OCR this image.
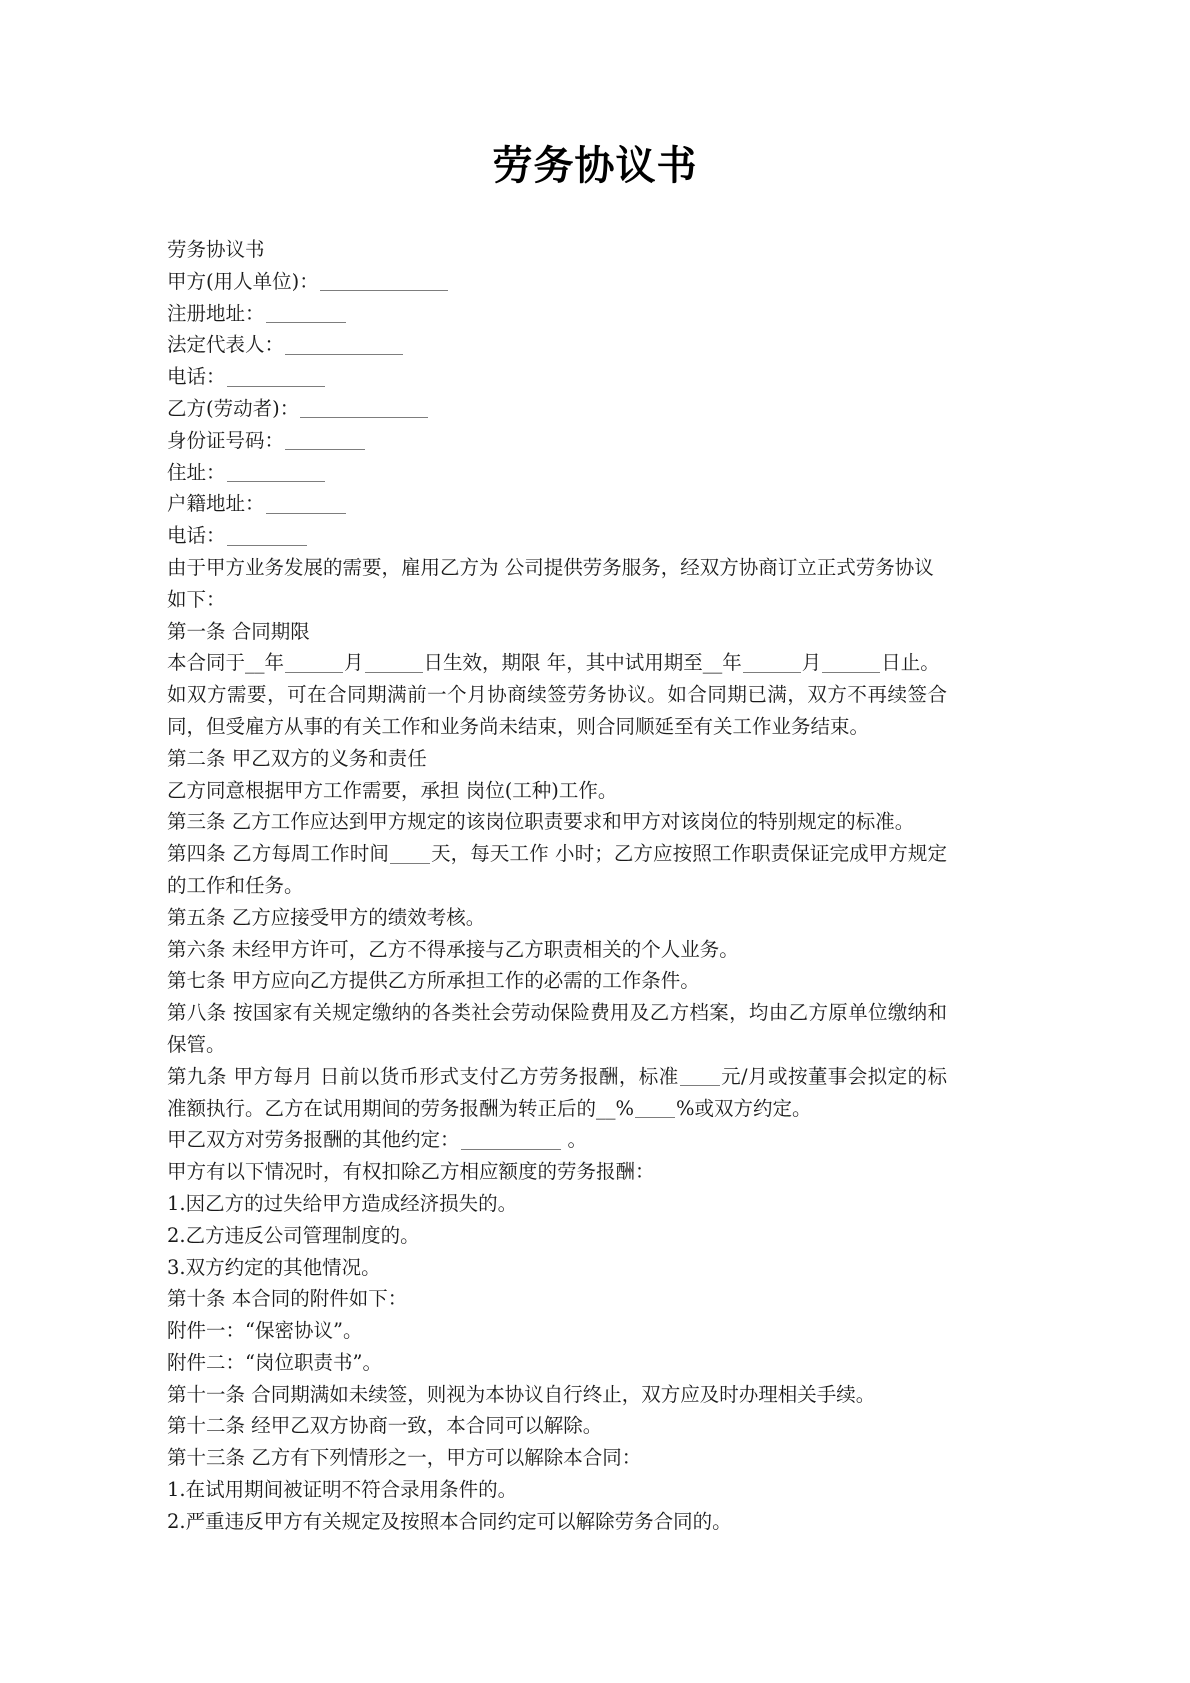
劳务协议书
劳务协议书
甲方(用人单位)：
注册地址：
法定代表人：
电话：
乙方(劳动者)：
身份证号码：
住址：
户籍地址：
电话：
由于甲方业务发展的需要，雇用乙方为 公司提供劳务服务，经双方协商订立正式劳务协议
如下：
第一条 合同期限
本合同于__年	月	日生效，期限 年，其中试用期至__年	月	日止。
如双方需要，可在合同期满前一个月协商续签劳务协议。如合同期已满，双方不再续签合同，但受雇方从事的有关工作和业务尚未结束，则合同顺延至有关工作业务结束。
第二条 甲乙双方的义务和责任
乙方同意根据甲方工作需要，承担 岗位(工种)工作。
第三条 乙方工作应达到甲方规定的该岗位职责要求和甲方对该岗位的特别规定的标准。
第四条 乙方每周工作时间 天，每天工作 小时；乙方应按照工作职责保证完成甲方规定的工作和任务。
第五条 乙方应接受甲方的绩效考核。
第六条 未经甲方许可，乙方不得承接与乙方职责相关的个人业务。
第七条 甲方应向乙方提供乙方所承担工作的必需的工作条件。
第八条 按国家有关规定缴纳的各类社会劳动保险费用及乙方档案，均由乙方原单位缴纳和保管。
第九条 甲方每月 日前以货币形式支付乙方劳务报酬，标准 元/月或按董事会拟定的标准额执行。乙方在试用期间的劳务报酬为转正后的__% %或双方约定。
甲乙双方对劳务报酬的其他约定：	。
甲方有以下情况时，有权扣除乙方相应额度的劳务报酬：
1.因乙方的过失给甲方造成经济损失的。
2.乙方违反公司管理制度的。
3.双方约定的其他情况。
第十条 本合同的附件如下：
附件一：“保密协议”。
附件二：“岗位职责书”。
第十一条 合同期满如未续签，则视为本协议自行终止，双方应及时办理相关手续。
第十二条 经甲乙双方协商一致，本合同可以解除。
第十三条 乙方有下列情形之一，甲方可以解除本合同：
1.在试用期间被证明不符合录用条件的。
2.严重违反甲方有关规定及按照本合同约定可以解除劳务合同的。
